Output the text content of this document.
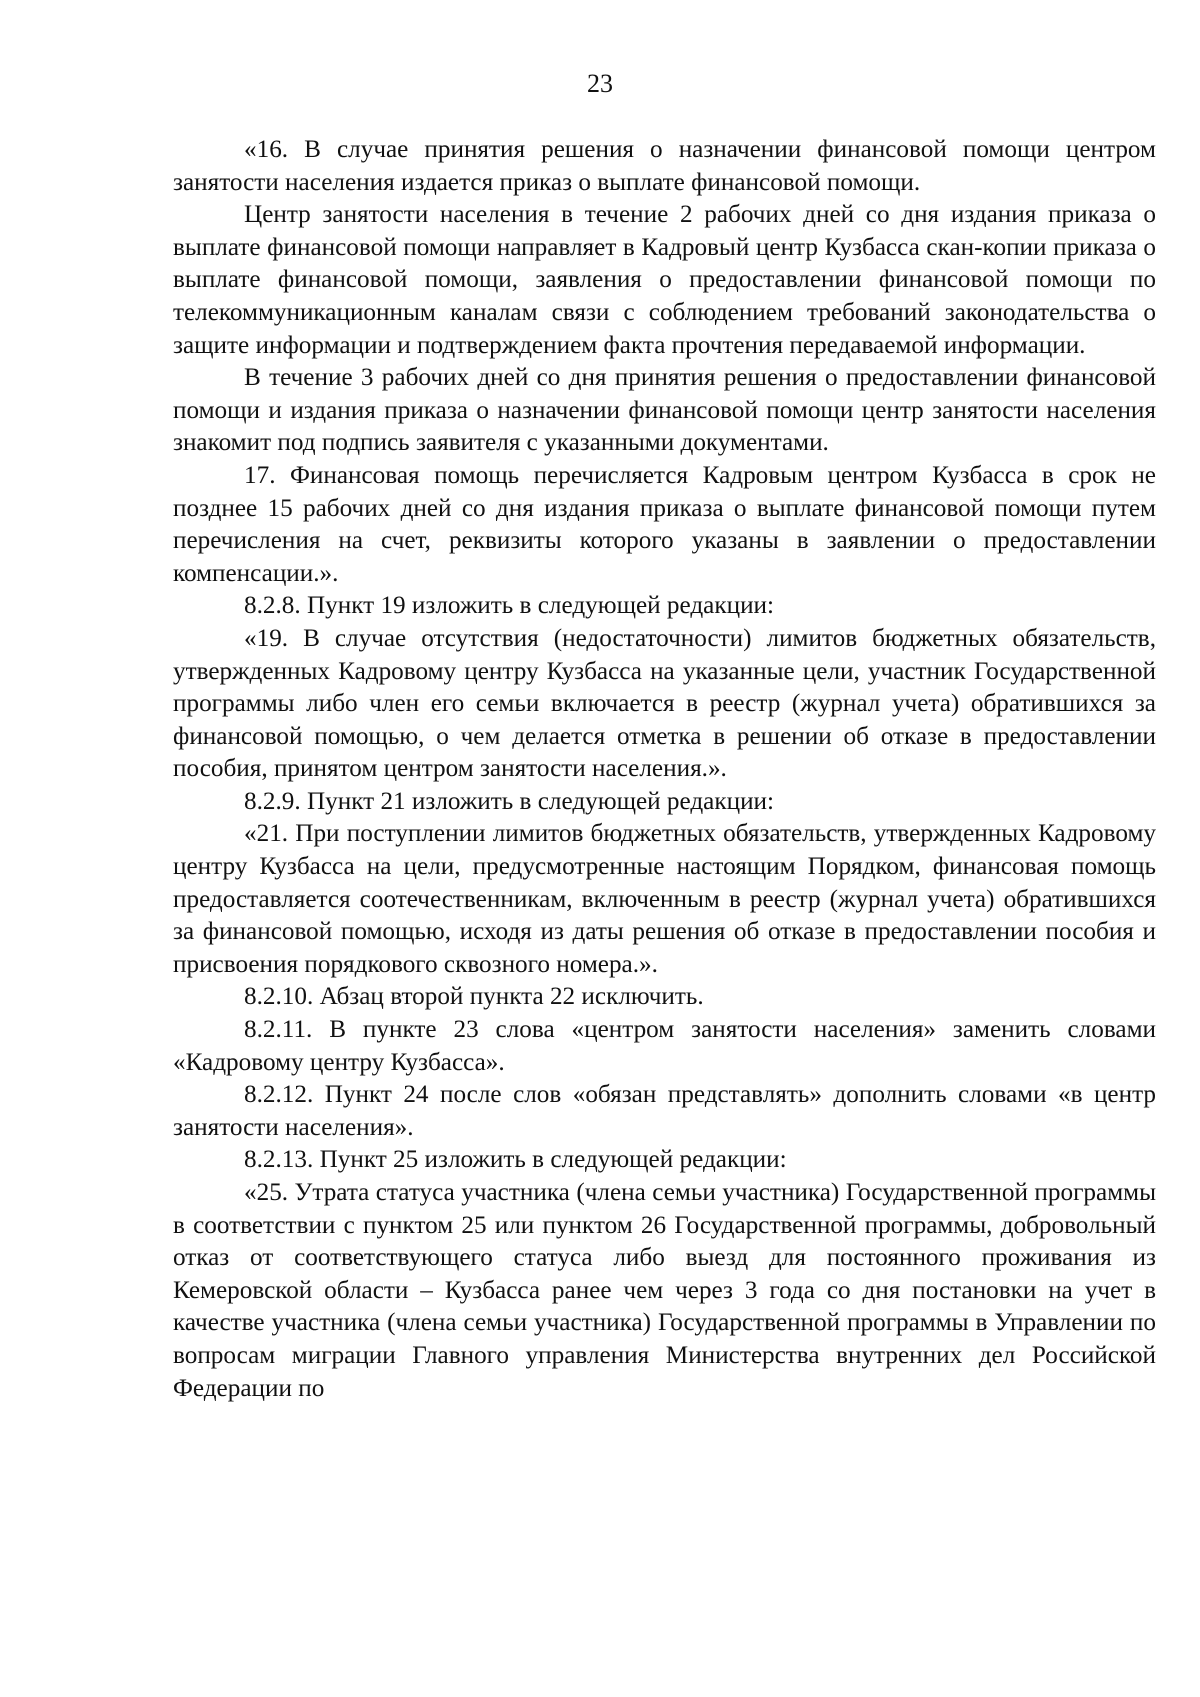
23

«16. В случае принятия решения о назначении финансовой помощи центром занятости населения издается приказ о выплате финансовой помощи.

Центр занятости населения в течение 2 рабочих дней со дня издания приказа о выплате финансовой помощи направляет в Кадровый центр Кузбасса скан-копии приказа о выплате финансовой помощи, заявления о предоставлении финансовой помощи по телекоммуникационным каналам связи с соблюдением требований законодательства о защите информации и подтверждением факта прочтения передаваемой информации.

В течение 3 рабочих дней со дня принятия решения о предоставлении финансовой помощи и издания приказа о назначении финансовой помощи центр занятости населения знакомит под подпись заявителя с указанными документами.

17. Финансовая помощь перечисляется Кадровым центром Кузбасса в срок не позднее 15 рабочих дней со дня издания приказа о выплате финансовой помощи путем перечисления на счет, реквизиты которого указаны в заявлении о предоставлении компенсации.».

8.2.8. Пункт 19 изложить в следующей редакции:

«19. В случае отсутствия (недостаточности) лимитов бюджетных обязательств, утвержденных Кадровому центру Кузбасса на указанные цели, участник Государственной программы либо член его семьи включается в реестр (журнал учета) обратившихся за финансовой помощью, о чем делается отметка в решении об отказе в предоставлении пособия, принятом центром занятости населения.».

8.2.9. Пункт 21 изложить в следующей редакции:

«21. При поступлении лимитов бюджетных обязательств, утвержденных Кадровому центру Кузбасса на цели, предусмотренные настоящим Порядком, финансовая помощь предоставляется соотечественникам, включенным в реестр (журнал учета) обратившихся за финансовой помощью, исходя из даты решения об отказе в предоставлении пособия и присвоения порядкового сквозного номера.».

8.2.10. Абзац второй пункта 22 исключить.

8.2.11. В пункте 23 слова «центром занятости населения» заменить словами «Кадровому центру Кузбасса».

8.2.12. Пункт 24 после слов «обязан представлять» дополнить словами «в центр занятости населения».

8.2.13. Пункт 25 изложить в следующей редакции:

«25. Утрата статуса участника (члена семьи участника) Государственной программы в соответствии с пунктом 25 или пунктом 26 Государственной программы, добровольный отказ от соответствующего статуса либо выезд для постоянного проживания из Кемеровской области – Кузбасса ранее чем через 3 года со дня постановки на учет в качестве участника (члена семьи участника) Государственной программы в Управлении по вопросам миграции Главного управления Министерства внутренних дел Российской Федерации по
